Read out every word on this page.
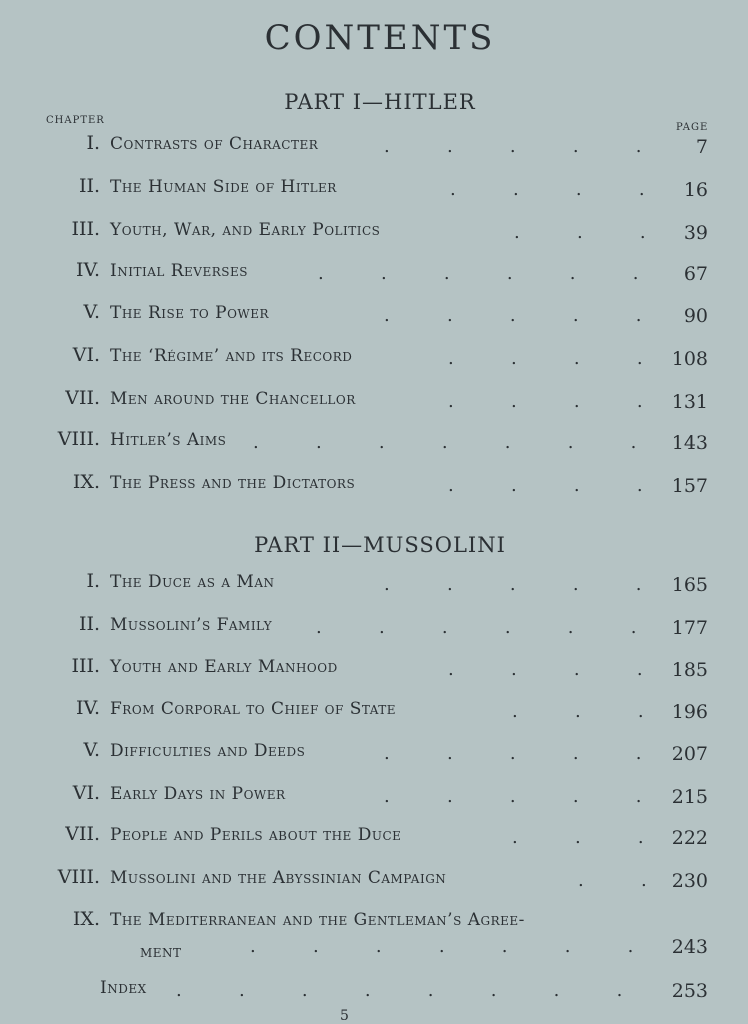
CONTENTS
PART I—HITLER
CHAPTER
PAGE
I. Contrasts of Character	.          .          .          .          .	7
II. The Human Side of Hitler	.          .          .          . 16
III. Youth, War, and Early Politics	.          .          . 39
IV. Initial Reverses	.          .          .          .          .          . 67
V. The Rise to Power	.          .          .          .          . 90
VI. The ‘Régime’ and its Record	.          .          .          . 108
VII. Men around the Chancellor	.          .          .          . 131
VIII. Hitler’s Aims .          .          .          .          .          .          . 143
IX. The Press and the Dictators	.          .          .          . 157
PART II—MUSSOLINI
I. The Duce as a Man	.          .          .          .          . 165
II. Mussolini’s Family .          .          .          .          .          . 177
III. Youth and Early Manhood	.          .          .          . 185
IV. From Corporal to Chief of State	.          .          . 196
V. Difficulties and Deeds	.          .          .          .          . 207
VI. Early Days in Power	.          .          .          .          . 215
VII. People and Perils about the Duce	.          .          . 222
VIII. Mussolini and the Abyssinian Campaign	.          . 230
IX. The Mediterranean and the Gentleman’s Agree-
ment	.          .          .          .          .          .          . 243
Index .          .          .          .          .          .          .          .	253
5
